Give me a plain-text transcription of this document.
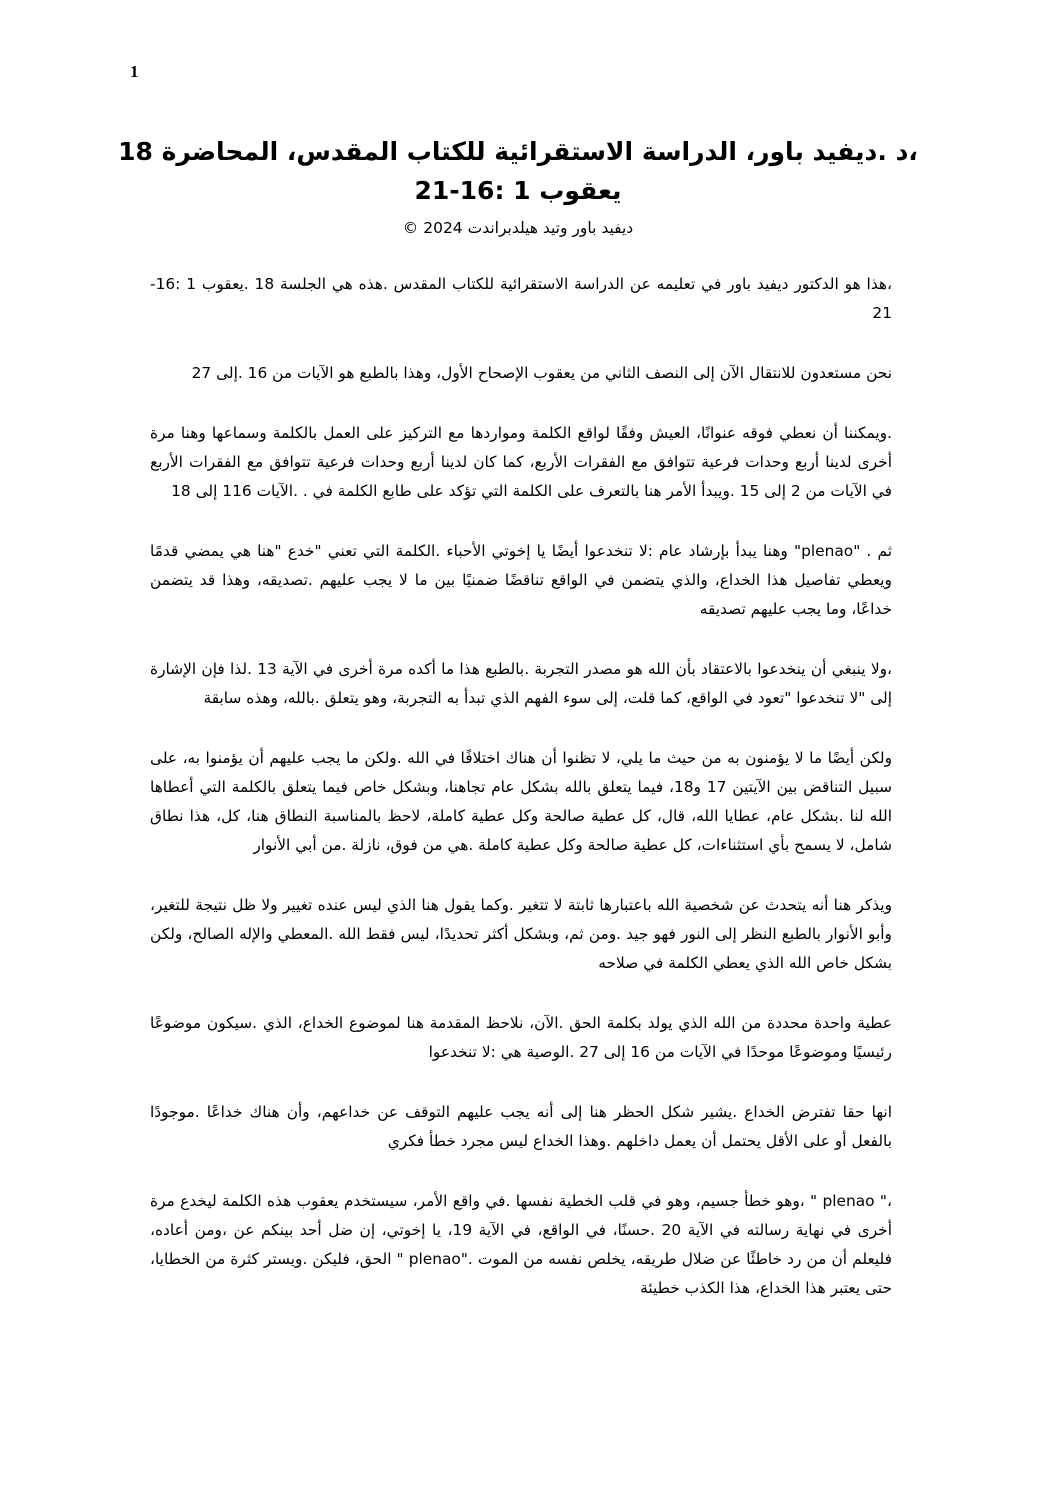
1
،د .ديفيد باور، الدراسة الاستقرائية للكتاب المقدس، المحاضرة 18
يعقوب 1 :16-21
ديفيد باور وتيد هيلدبراندت 2024 ©

،هذا هو الدكتور ديفيد باور في تعليمه عن الدراسة الاستقرائية للكتاب المقدس .هذه هي الجلسة 18 .يعقوب 1 :16-21

نحن مستعدون للانتقال الآن إلى النصف الثاني من يعقوب الإصحاح الأول، وهذا بالطبع هو الآيات من 16 .إلى 27

.ويمكننا أن نعطي فوقه عنوانًا، العيش وفقًا لواقع الكلمة ومواردها مع التركيز على العمل بالكلمة وسماعها وهنا مرة أخرى لدينا أربع وحدات فرعية تتوافق مع الفقرات الأربع، كما كان لدينا أربع وحدات فرعية تتوافق مع الفقرات الأربع في الآيات من 2 إلى 15 .ويبدأ الأمر هنا بالتعرف على الكلمة التي تؤكد على طابع الكلمة في . .الآيات 116 إلى 18

ثم . "plenao" وهنا يبدأ بإرشاد عام :لا تنخدعوا أيضًا يا إخوتي الأحباء .الكلمة التي تعني "خدع "هنا هي يمضي قدمًا ويعطي تفاصيل هذا الخداع، والذي يتضمن في الواقع تناقضًا ضمنيًا بين ما لا يجب عليهم .تصديقه، وهذا قد يتضمن خداعًا، وما يجب عليهم تصديقه

،ولا ينبغي أن ينخدعوا بالاعتقاد بأن الله هو مصدر التجربة .بالطبع هذا ما أكده مرة أخرى في الآية 13 .لذا فإن الإشارة إلى "لا تنخدعوا "تعود في الواقع، كما قلت، إلى سوء الفهم الذي تبدأ به التجربة، وهو يتعلق .بالله، وهذه سابقة

ولكن أيضًا ما لا يؤمنون به من حيث ما يلي، لا تظنوا أن هناك اختلافًا في الله .ولكن ما يجب عليهم أن يؤمنوا به، على سبيل التناقض بين الآيتين 17 و18، فيما يتعلق بالله بشكل عام تجاهنا، وبشكل خاص فيما يتعلق بالكلمة التي أعطاها الله لنا .بشكل عام، عطايا الله، قال، كل عطية صالحة وكل عطية كاملة، لاحظ بالمناسبة النطاق هنا، كل، هذا نطاق شامل، لا يسمح بأي استثناءات، كل عطية صالحة وكل عطية كاملة .هي من فوق، نازلة .من أبي الأنوار

ويذكر هنا أنه يتحدث عن شخصية الله باعتبارها ثابتة لا تتغير .وكما يقول هنا الذي ليس عنده تغيير ولا ظل نتيجة للتغير، وأبو الأنوار بالطبع النظر إلى النور فهو جيد .ومن ثم، وبشكل أكثر تحديدًا، ليس فقط الله .المعطي والإله الصالح، ولكن بشكل خاص الله الذي يعطي الكلمة في صلاحه

عطية واحدة محددة من الله الذي يولد بكلمة الحق .الآن، نلاحظ المقدمة هنا لموضوع الخداع، الذي .سيكون موضوعًا رئيسيًا وموضوعًا موحدًا في الآيات من 16 إلى 27 .الوصية هي :لا تنخدعوا

انها حقا تفترض الخداع .يشير شكل الحظر هنا إلى أنه يجب عليهم التوقف عن خداعهم، وأن هناك خداعًا .موجودًا بالفعل أو على الأقل يحتمل أن يعمل داخلهم .وهذا الخداع ليس مجرد خطأ فكري

،" plenao " ،وهو خطأ جسيم، وهو في قلب الخطية نفسها .في واقع الأمر، سيستخدم يعقوب هذه الكلمة ليخدع مرة أخرى في نهاية رسالته في الآية 20 .حسنًا، في الواقع، في الآية 19، يا إخوتي، إن ضل أحد بينكم عن ،ومن أعاده، فليعلم أن من رد خاطئًا عن ضلال طريقه، يخلص نفسه من الموت ."plenao " الحق، فليكن .ويستر كثرة من الخطايا، حتى يعتبر هذا الخداع، هذا الكذب خطيئة
